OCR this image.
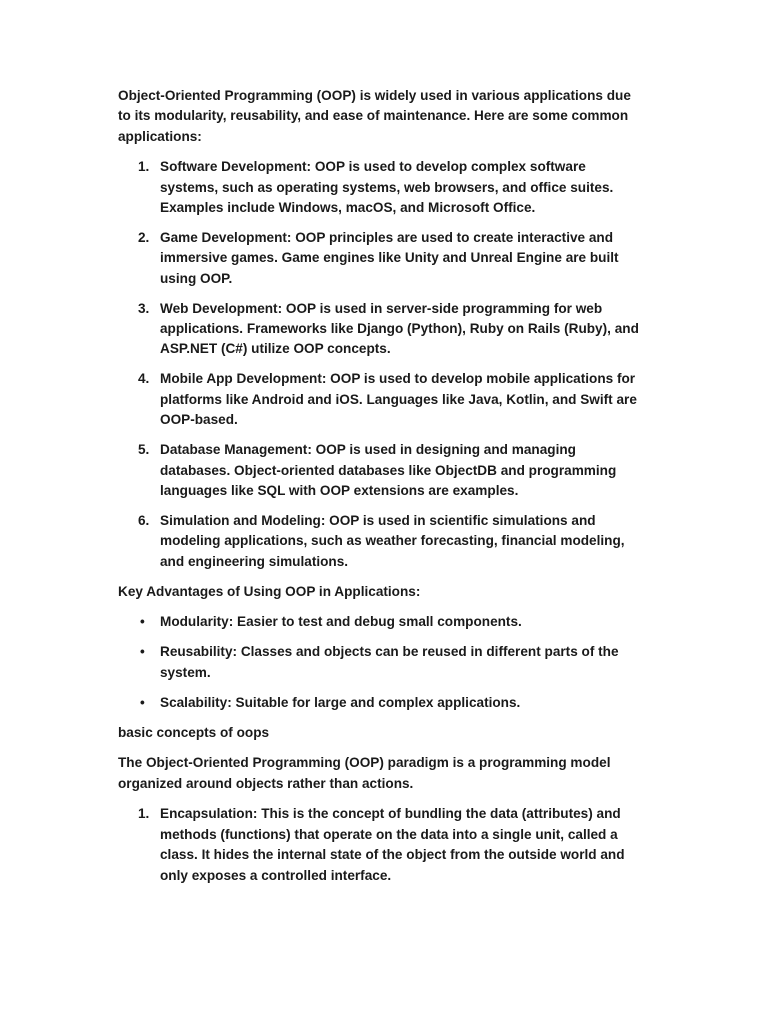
Object-Oriented Programming (OOP) is widely used in various applications due to its modularity, reusability, and ease of maintenance. Here are some common applications:

1. Software Development: OOP is used to develop complex software systems, such as operating systems, web browsers, and office suites. Examples include Windows, macOS, and Microsoft Office.
2. Game Development: OOP principles are used to create interactive and immersive games. Game engines like Unity and Unreal Engine are built using OOP.
3. Web Development: OOP is used in server-side programming for web applications. Frameworks like Django (Python), Ruby on Rails (Ruby), and ASP.NET (C#) utilize OOP concepts.
4. Mobile App Development: OOP is used to develop mobile applications for platforms like Android and iOS. Languages like Java, Kotlin, and Swift are OOP-based.
5. Database Management: OOP is used in designing and managing databases. Object-oriented databases like ObjectDB and programming languages like SQL with OOP extensions are examples.
6. Simulation and Modeling: OOP is used in scientific simulations and modeling applications, such as weather forecasting, financial modeling, and engineering simulations.

Key Advantages of Using OOP in Applications:

•	Modularity: Easier to test and debug small components.
•	Reusability: Classes and objects can be reused in different parts of the system.
•	Scalability: Suitable for large and complex applications.

basic concepts of oops

The Object-Oriented Programming (OOP) paradigm is a programming model organized around objects rather than actions.

1. Encapsulation: This is the concept of bundling the data (attributes) and methods (functions) that operate on the data into a single unit, called a class. It hides the internal state of the object from the outside world and only exposes a controlled interface.
